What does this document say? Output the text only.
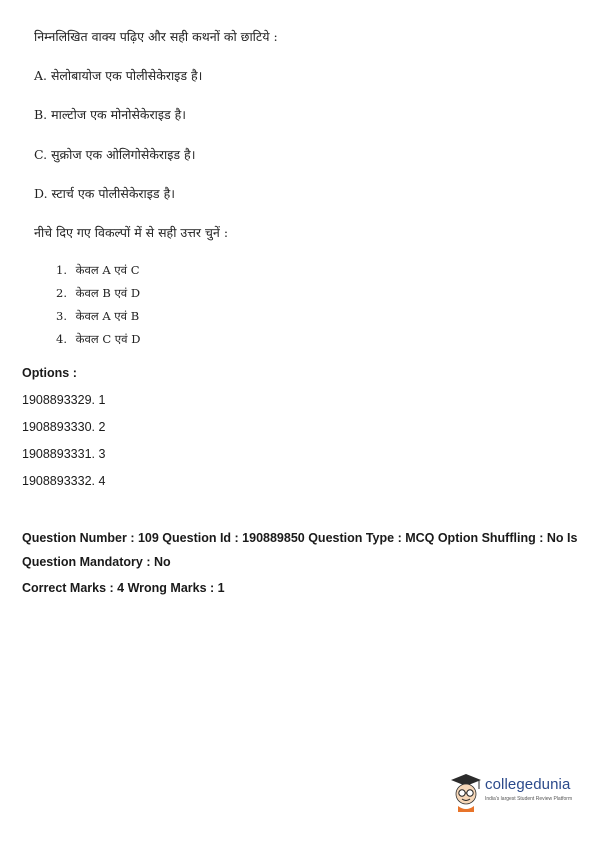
निम्नलिखित वाक्य पढ़िए और सही कथनों को छाटिये :
A. सेलोबायोज एक पोलीसेकेराइड है।
B. माल्टोज एक मोनोसेकेराइड है।
C. सुक्रोज एक ओलिगोसेकेराइड है।
D. स्टार्च एक पोलीसेकेराइड है।
नीचे दिए गए विकल्पों में से सही उत्तर चुनें :
1. केवल A एवं C
2. केवल B एवं D
3. केवल A एवं B
4. केवल C एवं D
Options :
1908893329. 1
1908893330. 2
1908893331. 3
1908893332. 4
Question Number : 109 Question Id : 190889850 Question Type : MCQ Option Shuffling : No Is
Question Mandatory : No
Correct Marks : 4 Wrong Marks : 1
collegedunia
India's largest Student Review Platform
